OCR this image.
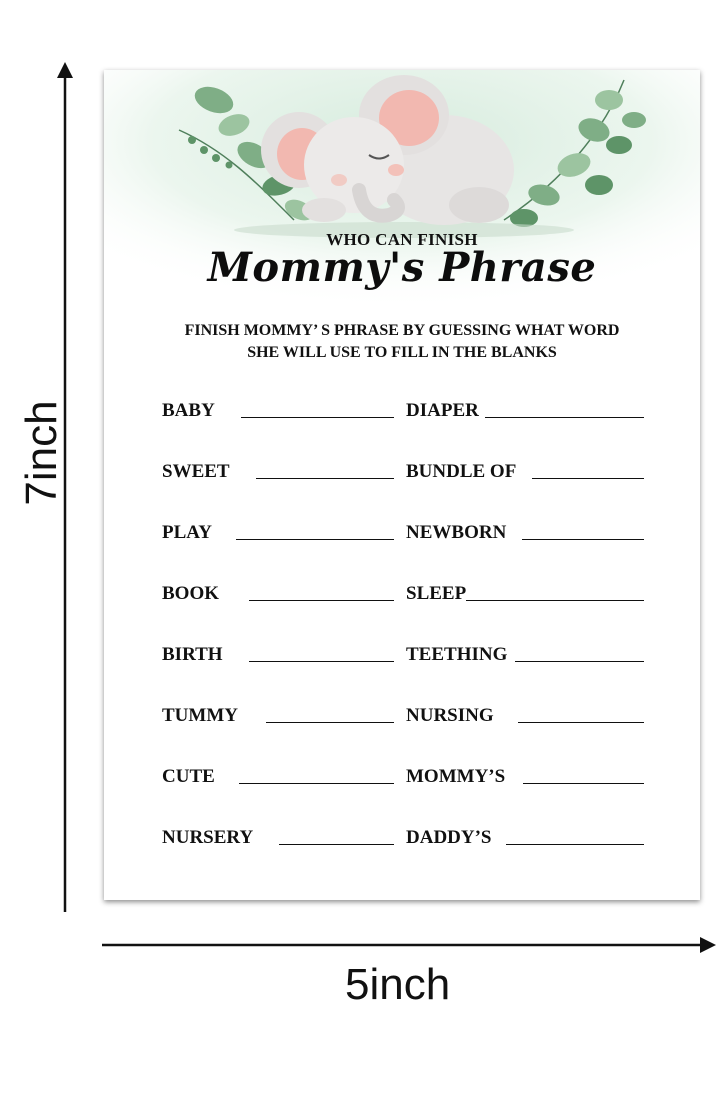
7inch
5inch
WHO CAN FINISH
Mommy's Phrase
FINISH MOMMY’ S PHRASE BY GUESSING WHAT WORD
SHE WILL USE TO FILL IN THE BLANKS
BABY
SWEET
PLAY
BOOK
BIRTH
TUMMY
CUTE
NURSERY
DIAPER
BUNDLE OF
NEWBORN
SLEEP
TEETHING
NURSING
MOMMY’S
DADDY’S
